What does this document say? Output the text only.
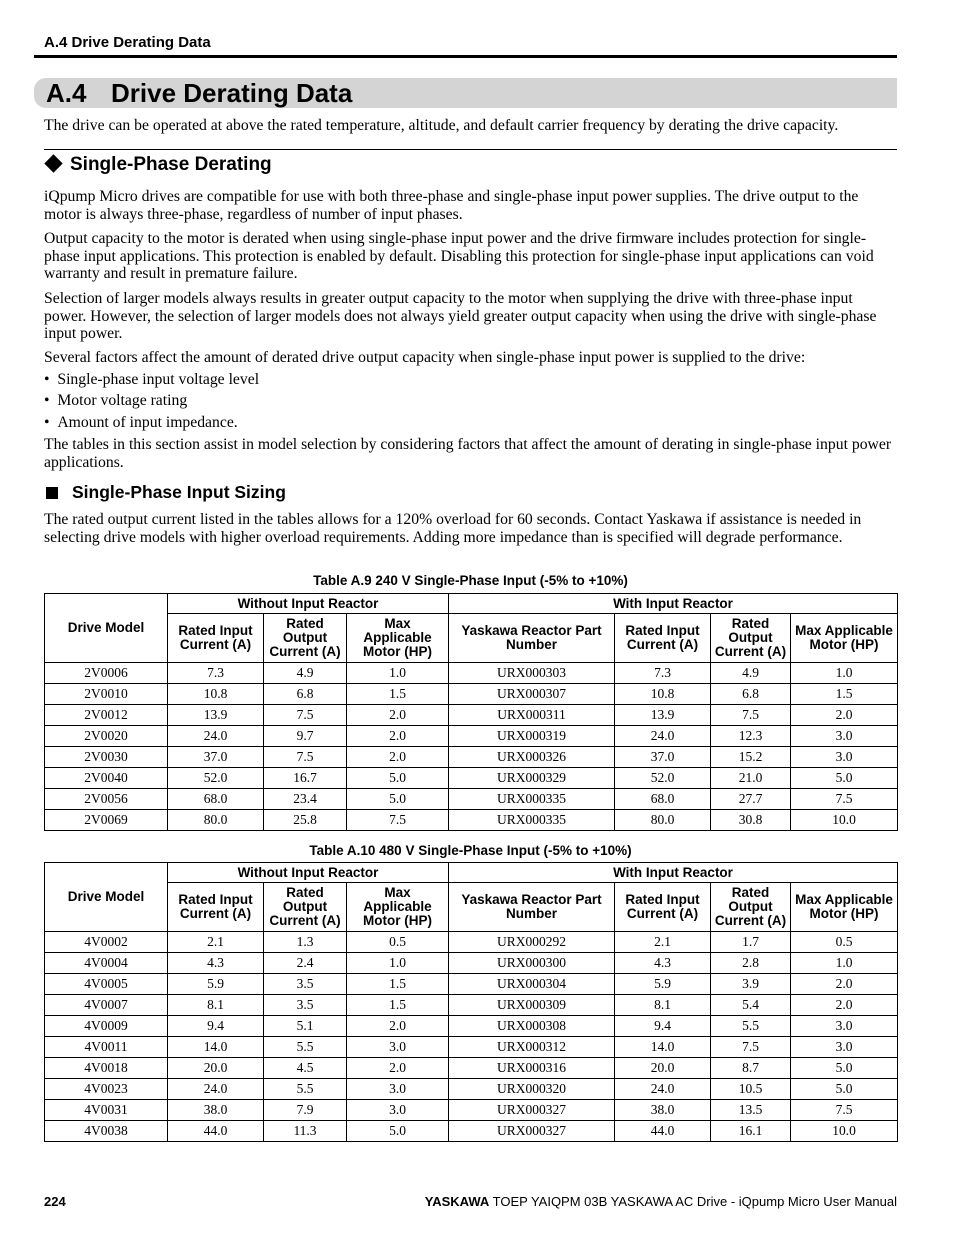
A.4 Drive Derating Data
A.4 Drive Derating Data
The drive can be operated at above the rated temperature, altitude, and default carrier frequency by derating the drive capacity.
Single-Phase Derating
iQpump Micro drives are compatible for use with both three-phase and single-phase input power supplies. The drive output to the motor is always three-phase, regardless of number of input phases.
Output capacity to the motor is derated when using single-phase input power and the drive firmware includes protection for single-phase input applications. This protection is enabled by default. Disabling this protection for single-phase input applications can void warranty and result in premature failure.
Selection of larger models always results in greater output capacity to the motor when supplying the drive with three-phase input power. However, the selection of larger models does not always yield greater output capacity when using the drive with single-phase input power.
Several factors affect the amount of derated drive output capacity when single-phase input power is supplied to the drive:
•  Single-phase input voltage level
•  Motor voltage rating
•  Amount of input impedance.
The tables in this section assist in model selection by considering factors that affect the amount of derating in single-phase input power applications.
Single-Phase Input Sizing
The rated output current listed in the tables allows for a 120% overload for 60 seconds. Contact Yaskawa if assistance is needed in selecting drive models with higher overload requirements. Adding more impedance than is specified will degrade performance.
Table A.9 240 V Single-Phase Input (-5% to +10%)
Drive Model	Without Input Reactor			With Input Reactor			
	Rated Input Current (A)	Rated Output Current (A)	Max Applicable Motor (HP)	Yaskawa Reactor Part Number	Rated Input Current (A)	Rated Output Current (A)	Max Applicable Motor (HP)
2V0006	7.3	4.9	1.0	URX000303	7.3	4.9	1.0
2V0010	10.8	6.8	1.5	URX000307	10.8	6.8	1.5
2V0012	13.9	7.5	2.0	URX000311	13.9	7.5	2.0
2V0020	24.0	9.7	2.0	URX000319	24.0	12.3	3.0
2V0030	37.0	7.5	2.0	URX000326	37.0	15.2	3.0
2V0040	52.0	16.7	5.0	URX000329	52.0	21.0	5.0
2V0056	68.0	23.4	5.0	URX000335	68.0	27.7	7.5
2V0069	80.0	25.8	7.5	URX000335	80.0	30.8	10.0
Table A.10 480 V Single-Phase Input (-5% to +10%)
Drive Model	Without Input Reactor			With Input Reactor			
	Rated Input Current (A)	Rated Output Current (A)	Max Applicable Motor (HP)	Yaskawa Reactor Part Number	Rated Input Current (A)	Rated Output Current (A)	Max Applicable Motor (HP)
4V0002	2.1	1.3	0.5	URX000292	2.1	1.7	0.5
4V0004	4.3	2.4	1.0	URX000300	4.3	2.8	1.0
4V0005	5.9	3.5	1.5	URX000304	5.9	3.9	2.0
4V0007	8.1	3.5	1.5	URX000309	8.1	5.4	2.0
4V0009	9.4	5.1	2.0	URX000308	9.4	5.5	3.0
4V0011	14.0	5.5	3.0	URX000312	14.0	7.5	3.0
4V0018	20.0	4.5	2.0	URX000316	20.0	8.7	5.0
4V0023	24.0	5.5	3.0	URX000320	24.0	10.5	5.0
4V0031	38.0	7.9	3.0	URX000327	38.0	13.5	7.5
4V0038	44.0	11.3	5.0	URX000327	44.0	16.1	10.0
224	YASKAWA TOEP YAIQPM 03B YASKAWA AC Drive - iQpump Micro User Manual
